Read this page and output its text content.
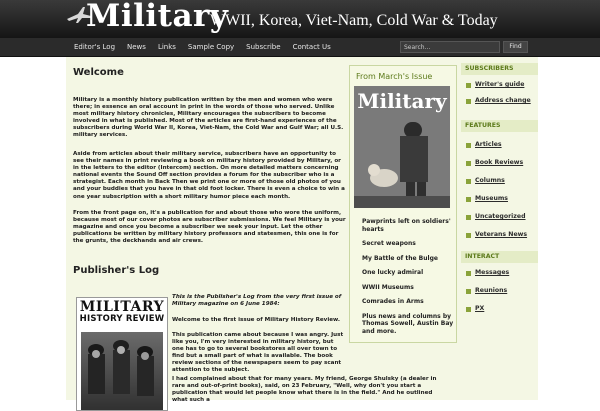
Military
WWII, Korea, Viet-Nam, Cold War & Today
Editor's Log	News	Links	Sample Copy	Subscribe	Contact Us
Search...	Find
Welcome
Military is a monthly history publication written by the men and women who were there; in essence an oral account in print in the words of those who served. Unlike most military history chronicles, Military encourages the subscribers to become involved in what is published. Most of the articles are first-hand experiences of the subscribers during World War II, Korea, Viet-Nam, the Cold War and Gulf War; all U.S. military services.
Aside from articles about their military service, subscribers have an opportunity to see their names in print reviewing a book on military history provided by Military, or in the letters to the editor (Intercom) section. On more detailed matters concerning national events the Sound Off section provides a forum for the subscriber who is a strategist. Each month in Back Then we print one or more of those old photos of you and your buddies that you have in that old foot locker. There is even a choice to win a one year subscription with a short military humor piece each month.
From the front page on, it's a publication for and about those who wore the uniform, because most of our cover photos are subscriber submissions. We feel Military is your magazine and once you become a subscriber we seek your input. Let the other publications be written by military history professors and statesmen, this one is for the grunts, the deckhands and air crews.
Publisher's Log
This is the Publisher's Log from the very first issue of Military magazine on 6 June 1984:
Welcome to the first issue of Military History Review.
This publication came about because I was angry. Just like you, I'm very interested in military history, but one has to go to several bookstores all over town to find but a small part of what is available. The book review sections of the newspapers seem to pay scant attention to the subject.
I had complained about that for many years. My friend, George Shulsky (a dealer in rare and out-of-print books), said, on 23 February, "Well, why don't you start a publication that would let people know what there is in the field." And he outlined what such a
MILITARY
HISTORY REVIEW
From March's Issue
Military
Pawprints left on soldiers' hearts
Secret weapons
My Battle of the Bulge
One lucky admiral
WWII Museums
Comrades in Arms
Plus news and columns by Thomas Sowell, Austin Bay and more.
SUBSCRIBERS
Writer's guide
Address change
FEATURES
Articles
Book Reviews
Columns
Museums
Uncategorized
Veterans News
INTERACT
Messages
Reunions
PX
